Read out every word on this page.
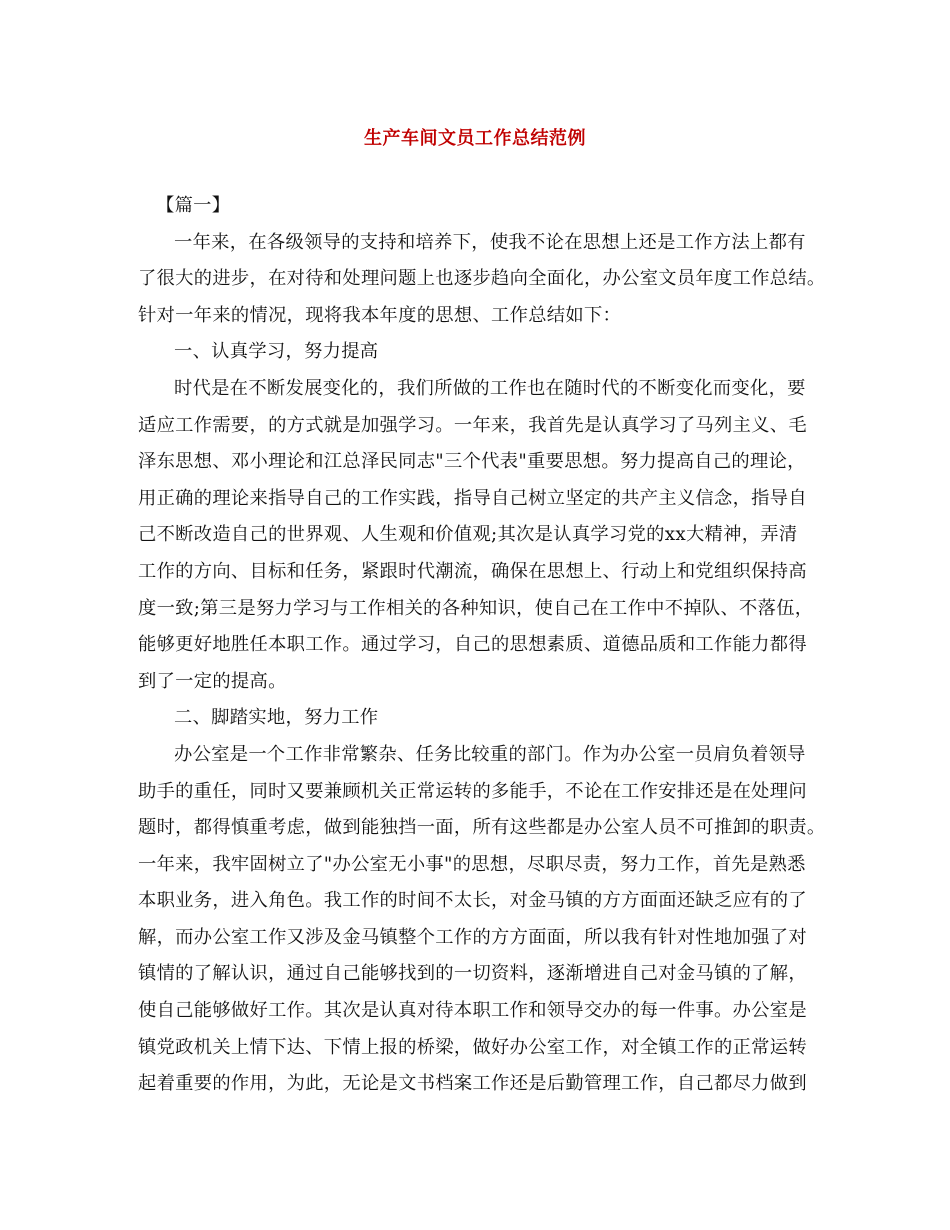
生产车间文员工作总结范例
【篇一】
一年来，在各级领导的支持和培养下，使我不论在思想上还是工作方法上都有
了很大的进步，在对待和处理问题上也逐步趋向全面化，办公室文员年度工作总结。
针对一年来的情况，现将我本年度的思想、工作总结如下：
一、认真学习，努力提高
时代是在不断发展变化的，我们所做的工作也在随时代的不断变化而变化，要
适应工作需要，的方式就是加强学习。一年来，我首先是认真学习了马列主义、毛
泽东思想、邓小理论和江总泽民同志"三个代表"重要思想。努力提高自己的理论，
用正确的理论来指导自己的工作实践，指导自己树立坚定的共产主义信念，指导自
己不断改造自己的世界观、人生观和价值观;其次是认真学习党的xx大精神，弄清
工作的方向、目标和任务，紧跟时代潮流，确保在思想上、行动上和党组织保持高
度一致;第三是努力学习与工作相关的各种知识，使自己在工作中不掉队、不落伍，
能够更好地胜任本职工作。通过学习，自己的思想素质、道德品质和工作能力都得
到了一定的提高。
二、脚踏实地，努力工作
办公室是一个工作非常繁杂、任务比较重的部门。作为办公室一员肩负着领导
助手的重任，同时又要兼顾机关正常运转的多能手，不论在工作安排还是在处理问
题时，都得慎重考虑，做到能独挡一面，所有这些都是办公室人员不可推卸的职责。
一年来，我牢固树立了"办公室无小事"的思想，尽职尽责，努力工作，首先是熟悉
本职业务，进入角色。我工作的时间不太长，对金马镇的方方面面还缺乏应有的了
解，而办公室工作又涉及金马镇整个工作的方方面面，所以我有针对性地加强了对
镇情的了解认识，通过自己能够找到的一切资料，逐渐增进自己对金马镇的了解，
使自己能够做好工作。其次是认真对待本职工作和领导交办的每一件事。办公室是
镇党政机关上情下达、下情上报的桥梁，做好办公室工作，对全镇工作的正常运转
起着重要的作用，为此，无论是文书档案工作还是后勤管理工作，自己都尽力做到
